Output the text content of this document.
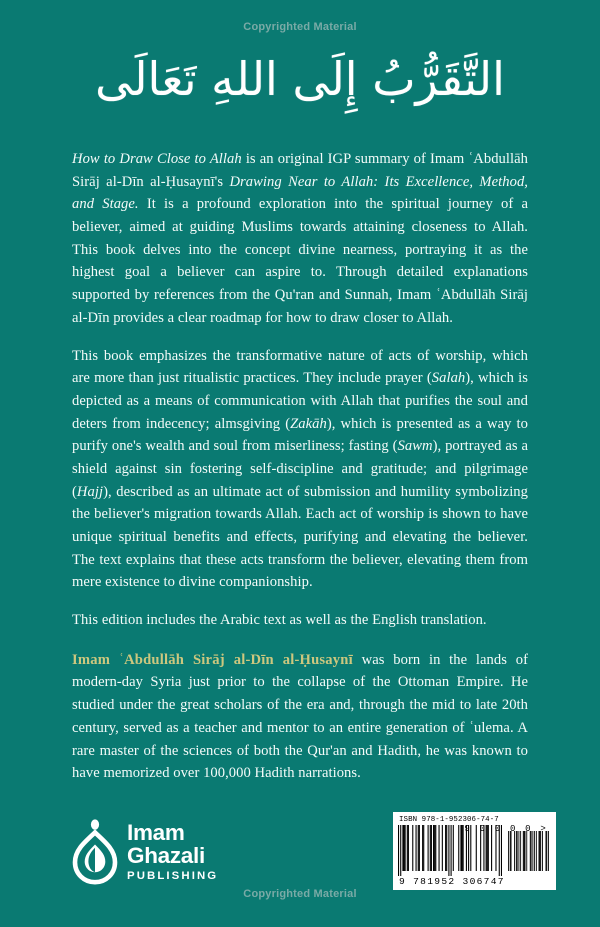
Copyrighted Material
التَّقَرُّبُ إِلَى اللهِ تَعَالَى

How to Draw Close to Allah is an original IGP summary of Imam ʿAbdullāh Sirāj al-Dīn al-Ḥusaynī's Drawing Near to Allah: Its Excellence, Method, and Stage. It is a profound exploration into the spiritual journey of a believer, aimed at guiding Muslims towards attaining closeness to Allah. This book delves into the concept divine nearness, portraying it as the highest goal a believer can aspire to. Through detailed explanations supported by references from the Qu'ran and Sunnah, Imam ʿAbdullāh Sirāj al-Dīn provides a clear roadmap for how to draw closer to Allah.

This book emphasizes the transformative nature of acts of worship, which are more than just ritualistic practices. They include prayer (Salah), which is depicted as a means of communication with Allah that purifies the soul and deters from indecency; almsgiving (Zakāh), which is presented as a way to purify one's wealth and soul from miserliness; fasting (Sawm), portrayed as a shield against sin fostering self-discipline and gratitude; and pilgrimage (Hajj), described as an ultimate act of submission and humility symbolizing the believer's migration towards Allah. Each act of worship is shown to have unique spiritual benefits and effects, purifying and elevating the believer. The text explains that these acts transform the believer, elevating them from mere existence to divine companionship.

This edition includes the Arabic text as well as the English translation.

Imam ʿAbdullāh Sirāj al-Dīn al-Ḥusaynī was born in the lands of modern-day Syria just prior to the collapse of the Ottoman Empire. He studied under the great scholars of the era and, through the mid to late 20th century, served as a teacher and mentor to an entire generation of ʿulema. A rare master of the sciences of both the Qur'an and Hadith, he was known to have memorized over 100,000 Hadith narrations.

Imam
Ghazali
PUBLISHING
ISBN 978-1-952306-74-7
9 0 0 0 0 >
9 781952 306747
Copyrighted Material
